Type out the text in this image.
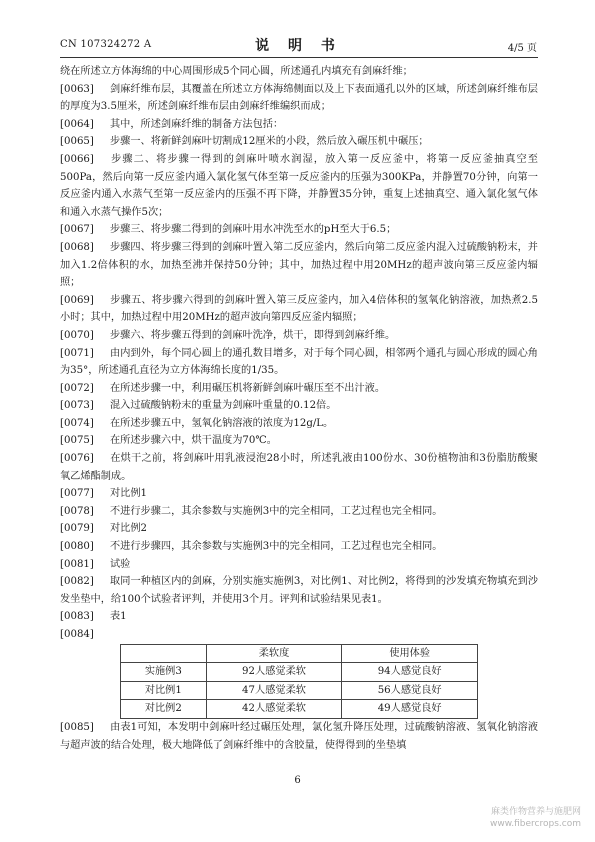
CN 107324272 A	说 明 书	4/5 页

绕在所述立方体海绵的中心周围形成5个同心圆，所述通孔内填充有剑麻纤维；

[0063] 剑麻纤维布层，其覆盖在所述立方体海绵侧面以及上下表面通孔以外的区域，所述剑麻纤维布层的厚度为3.5厘米，所述剑麻纤维布层由剑麻纤维编织而成；

[0064] 其中，所述剑麻纤维的制备方法包括：

[0065] 步骤一、将新鲜剑麻叶切割成12厘米的小段，然后放入碾压机中碾压；

[0066] 步骤二、将步骤一得到的剑麻叶喷水润湿，放入第一反应釜中，将第一反应釜抽真空至500Pa，然后向第一反应釜内通入氯化氢气体至第一反应釜内的压强为300KPa，并静置70分钟，向第一反应釜内通入水蒸气至第一反应釜内的压强不再下降，并静置35分钟，重复上述抽真空、通入氯化氢气体和通入水蒸气操作5次；

[0067] 步骤三、将步骤二得到的剑麻叶用水冲洗至水的pH至大于6.5；

[0068] 步骤四、将步骤三得到的剑麻叶置入第二反应釜内，然后向第二反应釜内混入过硫酸钠粉末，并加入1.2倍体积的水，加热至沸并保持50分钟；其中，加热过程中用20MHz的超声波向第三反应釜内辐照；

[0069] 步骤五、将步骤六得到的剑麻叶置入第三反应釜内，加入4倍体积的氢氧化钠溶液，加热煮2.5小时；其中，加热过程中用20MHz的超声波向第四反应釜内辐照；

[0070] 步骤六、将步骤五得到的剑麻叶洗净，烘干，即得到剑麻纤维。

[0071] 由内到外，每个同心圆上的通孔数目增多，对于每个同心圆，相邻两个通孔与圆心形成的圆心角为35°，所述通孔直径为立方体海绵长度的1/35。

[0072] 在所述步骤一中，利用碾压机将新鲜剑麻叶碾压至不出汁液。

[0073] 混入过硫酸钠粉末的重量为剑麻叶重量的0.12倍。

[0074] 在所述步骤五中，氢氧化钠溶液的浓度为12g/L。

[0075] 在所述步骤六中，烘干温度为70℃。

[0076] 在烘干之前，将剑麻叶用乳液浸泡28小时，所述乳液由100份水、30份植物油和3份脂肪酸聚氧乙烯酯制成。

[0077] 对比例1

[0078] 不进行步骤二，其余参数与实施例3中的完全相同，工艺过程也完全相同。

[0079] 对比例2

[0080] 不进行步骤四，其余参数与实施例3中的完全相同，工艺过程也完全相同。

[0081] 试验

[0082] 取同一种植区内的剑麻，分别实施实施例3，对比例1、对比例2，将得到的沙发填充物填充到沙发坐垫中，给100个试验者评判，并使用3个月。评判和试验结果见表1。

[0083] 表1

[0084]

	柔软度	使用体验
实施例3	92人感觉柔软	94人感觉良好
对比例1	47人感觉柔软	56人感觉良好
对比例2	42人感觉柔软	49人感觉良好

[0085] 由表1可知，本发明中剑麻叶经过碾压处理，氯化氢升降压处理，过硫酸钠溶液、氢氧化钠溶液与超声波的结合处理，极大地降低了剑麻纤维中的含胶量，使得得到的坐垫填

6
麻类作物营养与施肥网
www.fibercrops.com
